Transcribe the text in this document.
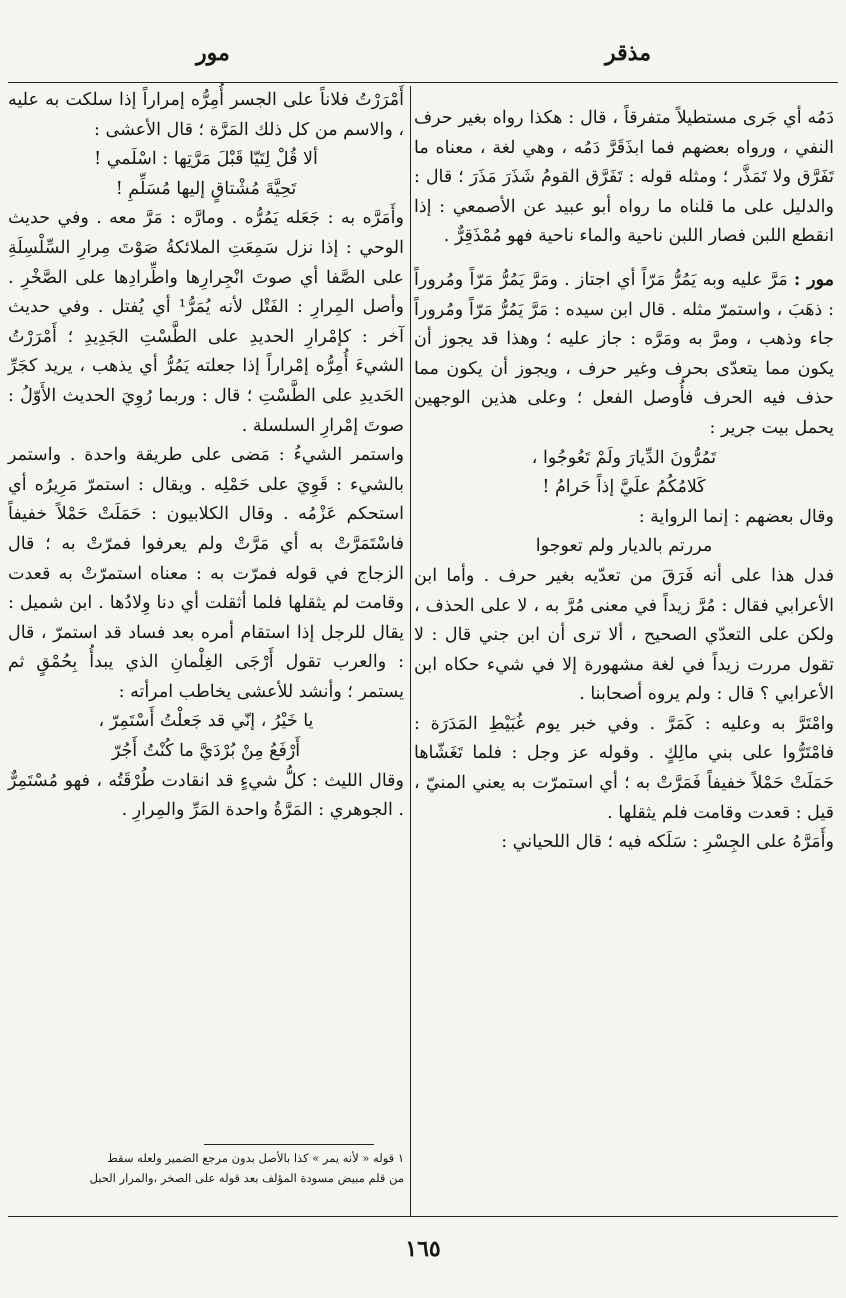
مذقر
مور

دَمُه أي جَرى مستطيلاً متفرقاً ، قال : هكذا رواه بغير حرف النفي ، ورواه بعضهم فما ابذَقَرَّ دَمُه ، وهي لغة ، معناه ما تَفَرَّق ولا تَمَذَّر ؛ ومثله قوله : تَفَرَّق القومُ شَذَرَ مَذَرَ ؛ قال : والدليل على ما قلناه ما رواه أبو عبيد عن الأصمعي : إذا انقطع اللبن فصار اللبن ناحية والماء ناحية فهو مُمْذَقِرٌّ .

مور : مَرَّ عليه وبه يَمُرُّ مَرّاً أي اجتاز . ومَرَّ يَمُرُّ مَرّاً ومُروراً : ذهَبَ ، واستمرّ مثله . قال ابن سيده : مَرَّ يَمُرُّ مَرّاً ومُروراً جاء وذهب ، ومرَّ به ومَرَّه : جاز عليه ؛ وهذا قد يجوز أن يكون مما يتعدّى بحرف وغير حرف ، ويجوز أن يكون مما حذف فيه الحرف فأُوصل الفعل ؛ وعلى هذين الوجهين يحمل بيت جرير :

تَمُرُّونَ الدِّيارَ ولَمْ تَعُوجُوا ،

كَلامُكُمُ علَيَّ إذاً حَرامُ !

وقال بعضهم : إنما الرواية :

مررتم بالديار ولم تعوجوا

فدل هذا على أنه فَرَقَ من تعدّيه بغير حرف . وأما ابن الأعرابي فقال : مُرَّ زيداً في معنى مُرَّ به ، لا على الحذف ، ولكن على التعدّي الصحيح ، ألا ترى أن ابن جني قال : لا تقول مررت زيداً في لغة مشهورة إلا في شيء حكاه ابن الأعرابي ؟ قال : ولم يروه أصحابنا .

وامْتَرَّ به وعليه : كَمَرَّ . وفي خبر يوم غُبَيْطِ المَدَرَة : فامْتَرُّوا على بني مالِكٍ . وقوله عز وجل : فلما تَغَشّاها حَمَلَتْ حَمْلاً خفيفاً فَمَرَّتْ به ؛ أي استمرّت به يعني المنيّ ، قيل : قعدت وقامت فلم يثقلها .

وأَمَرَّهُ على الجِسْرِ : سَلَكه فيه ؛ قال اللحياني :

أَمْرَرْتُ فلاناً على الجسر أُمِرُّه إمراراً إذا سلكت به عليه ، والاسم من كل ذلك المَرَّة ؛ قال الأعشى :

ألا قُلْ لِتَيّا قَبْلَ مَرَّتِها : اسْلَمي !

تَحِيَّةَ مُشْتاقٍ إليها مُسَلِّمِ !

وأَمَرَّه به : جَعَله يَمُرُّه . ومارَّه : مَرَّ معه . وفي حديث الوحي : إذا نزل سَمِعَتِ الملائكةُ صَوْتَ مِرارِ السِّلْسِلَةِ على الصَّفا أي صوتَ انْجِرارِها واطِّرادِها على الصَّخْرِ . وأصل المِرارِ : الفَتْل لأنه يُمَرُّ¹ أي يُفتل . وفي حديث آخر : كإمْرارِ الحديدِ على الطَّسْتِ الجَدِيدِ ؛ أَمْرَرْتُ الشيءَ أُمِرُّه إمْراراً إذا جعلته يَمُرُّ أي يذهب ، يريد كجَرِّ الحَديدِ على الطَّسْتِ ؛ قال : وربما رُوِيَ الحديث الأَوّلُ : صوتَ إمْرارِ السلسلة .

واستمر الشيءُ : مَضى على طريقة واحدة . واستمر بالشيء : قَوِيَ على حَمْلِه . ويقال : استمرّ مَرِيرُه أي استحكم عَزْمُه . وقال الكلابيون : حَمَلَتْ حَمْلاً خفيفاً فاسْتَمَرَّتْ به أي مَرَّتْ ولم يعرفوا فمرّتْ به ؛ قال الزجاج في قوله فمرّت به : معناه استمرّتْ به قعدت وقامت لم يثقلها فلما أثقلت أي دنا وِلادُها . ابن شميل : يقال للرجل إذا استقام أمره بعد فساد قد استمرّ ، قال : والعرب تقول أَرْجَى الغِلْمانِ الذي يبدأُ بِحُمْقٍ ثم يستمر ؛ وأنشد للأعشى يخاطب امرأته :

يا خَيْرُ ، إنّي قد جَعلْتُ أَسْتَمِرّ ،

أَرْفَعُ مِنْ بُرْدَيَّ ما كُنْتُ أَجُرّ

وقال الليث : كلُّ شيءٍ قد انقادت طُرْقَتُه ، فهو مُسْتَمِرٌّ . الجوهري : المَرَّةُ واحدة المَرِّ والمِرارِ .

١ قوله « لأنه يمر » كذا بالأصل بدون مرجع الضمير ولعله سقط
من قلم مبيض مسودة المؤلف بعد قوله على الصخر ،والمرار الحبل
١٦٥
